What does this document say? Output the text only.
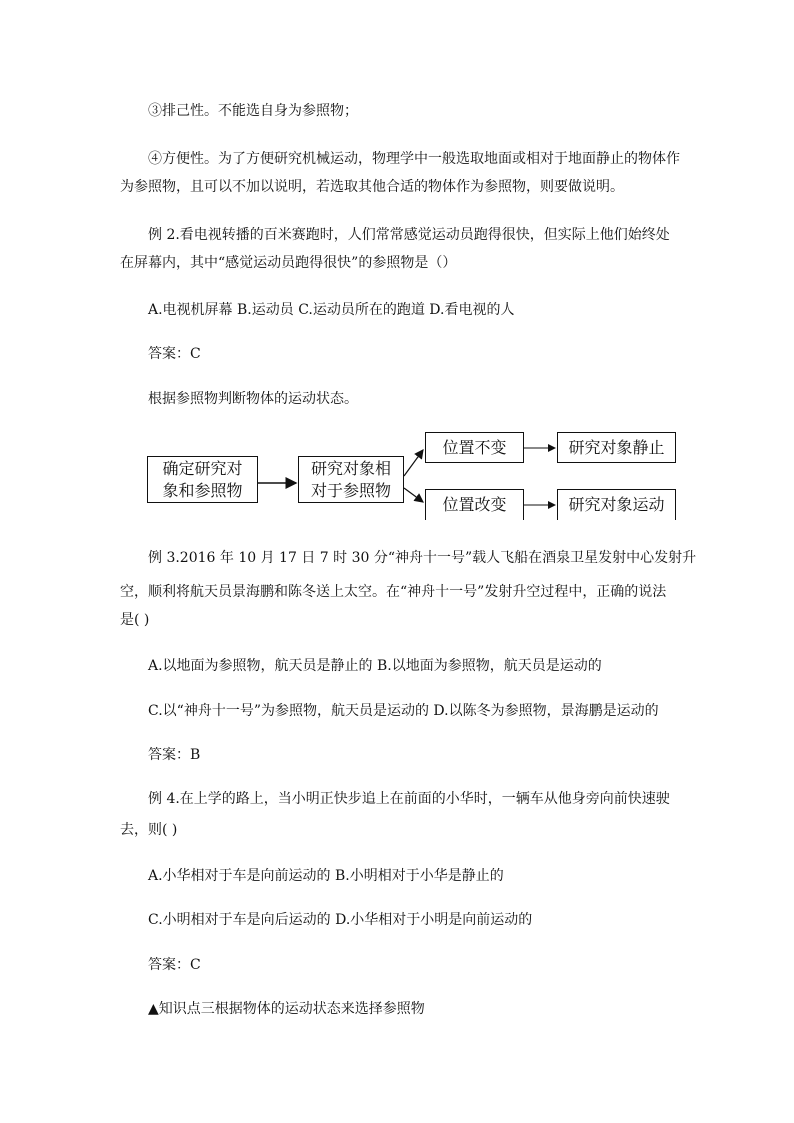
③排己性。不能选自身为参照物；
④方便性。为了方便研究机械运动，物理学中一般选取地面或相对于地面静止的物体作
为参照物，且可以不加以说明，若选取其他合适的物体作为参照物，则要做说明。
例 2.看电视转播的百米赛跑时，人们常常感觉运动员跑得很快，但实际上他们始终处
在屏幕内，其中“感觉运动员跑得很快”的参照物是（）
A.电视机屏幕 B.运动员 C.运动员所在的跑道 D.看电视的人
答案：C
根据参照物判断物体的运动状态。
确定研究对象和参照物
研究对象相对于参照物
位置不变	研究对象静止
位置改变	研究对象运动
例 3.2016 年 10 月 17 日 7 时 30 分“神舟十一号”载人飞船在酒泉卫星发射中心发射升
空，顺利将航天员景海鹏和陈冬送上太空。在“神舟十一号”发射升空过程中，正确的说法
是( )
A.以地面为参照物，航天员是静止的 B.以地面为参照物，航天员是运动的
C.以“神舟十一号”为参照物，航天员是运动的 D.以陈冬为参照物，景海鹏是运动的
答案：B
例 4.在上学的路上，当小明正快步追上在前面的小华时，一辆车从他身旁向前快速驶
去，则( )
A.小华相对于车是向前运动的 B.小明相对于小华是静止的
C.小明相对于车是向后运动的 D.小华相对于小明是向前运动的
答案：C
▲知识点三根据物体的运动状态来选择参照物
